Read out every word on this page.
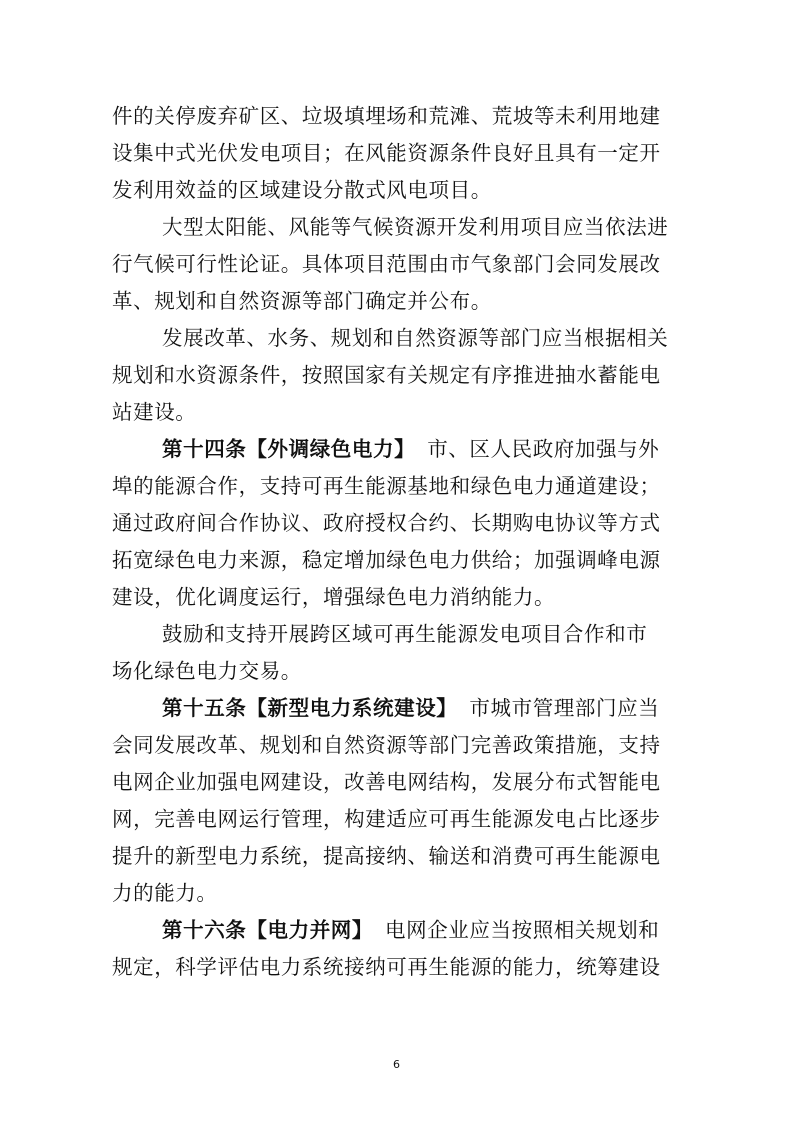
件的关停废弃矿区、垃圾填埋场和荒滩、荒坡等未利用地建
设集中式光伏发电项目；在风能资源条件良好且具有一定开
发利用效益的区域建设分散式风电项目。
大型太阳能、风能等气候资源开发利用项目应当依法进
行气候可行性论证。具体项目范围由市气象部门会同发展改
革、规划和自然资源等部门确定并公布。
发展改革、水务、规划和自然资源等部门应当根据相关
规划和水资源条件，按照国家有关规定有序推进抽水蓄能电
站建设。
第十四条【外调绿色电力】 市、区人民政府加强与外
埠的能源合作，支持可再生能源基地和绿色电力通道建设；
通过政府间合作协议、政府授权合约、长期购电协议等方式
拓宽绿色电力来源，稳定增加绿色电力供给；加强调峰电源
建设，优化调度运行，增强绿色电力消纳能力。
鼓励和支持开展跨区域可再生能源发电项目合作和市
场化绿色电力交易。
第十五条【新型电力系统建设】 市城市管理部门应当
会同发展改革、规划和自然资源等部门完善政策措施，支持
电网企业加强电网建设，改善电网结构，发展分布式智能电
网，完善电网运行管理，构建适应可再生能源发电占比逐步
提升的新型电力系统，提高接纳、输送和消费可再生能源电
力的能力。
第十六条【电力并网】 电网企业应当按照相关规划和
规定，科学评估电力系统接纳可再生能源的能力，统筹建设
6
